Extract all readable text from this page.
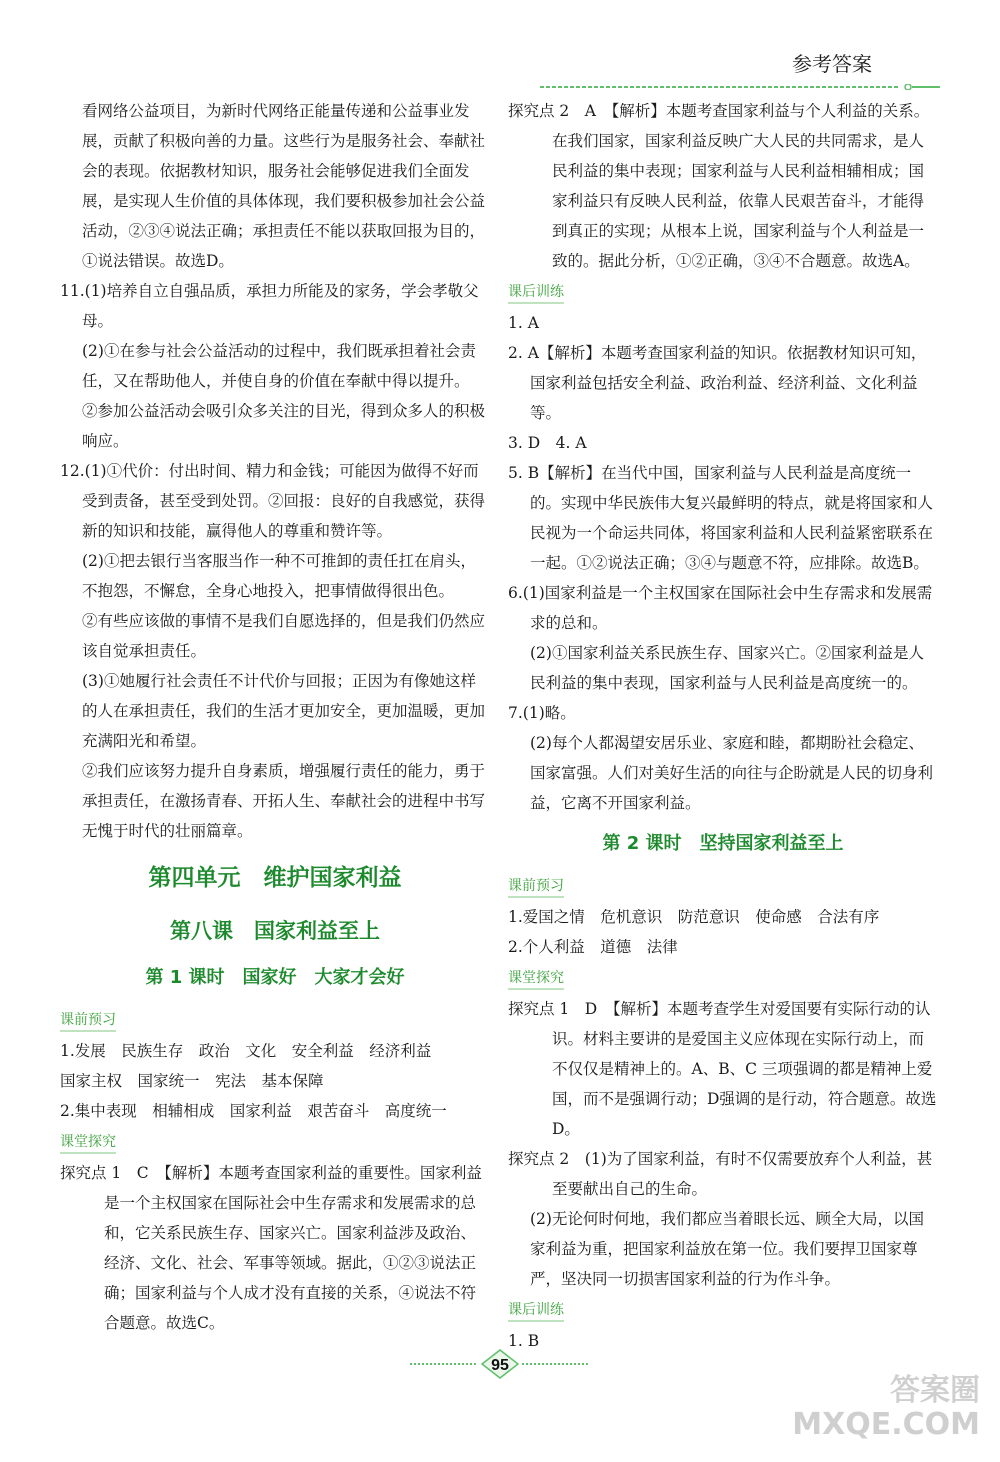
参考答案

看网络公益项目，为新时代网络正能量传递和公益事业发展，贡献了积极向善的力量。这些行为是服务社会、奉献社会的表现。依据教材知识，服务社会能够促进我们全面发展，是实现人生价值的具体体现，我们要积极参加社会公益活动，②③④说法正确；承担责任不能以获取回报为目的，①说法错误。故选D。

11.(1)培养自立自强品质，承担力所能及的家务，学会孝敬父母。

(2)①在参与社会公益活动的过程中，我们既承担着社会责任，又在帮助他人，并使自身的价值在奉献中得以提升。

②参加公益活动会吸引众多关注的目光，得到众多人的积极响应。

12.(1)①代价：付出时间、精力和金钱；可能因为做得不好而受到责备，甚至受到处罚。②回报：良好的自我感觉，获得新的知识和技能，赢得他人的尊重和赞许等。

(2)①把去银行当客服当作一种不可推卸的责任扛在肩头，不抱怨，不懈怠，全身心地投入，把事情做得很出色。

②有些应该做的事情不是我们自愿选择的，但是我们仍然应该自觉承担责任。

(3)①她履行社会责任不计代价与回报；正因为有像她这样的人在承担责任，我们的生活才更加安全，更加温暖，更加充满阳光和希望。

②我们应该努力提升自身素质，增强履行责任的能力，勇于承担责任，在激扬青春、开拓人生、奉献社会的进程中书写无愧于时代的壮丽篇章。

第四单元　维护国家利益
第八课　国家利益至上
第 1 课时　国家好　大家才会好
课前预习

1.发展　民族生存　政治　文化　安全利益　经济利益

国家主权　国家统一　宪法　基本保障

2.集中表现　相辅相成　国家利益　艰苦奋斗　高度统一

课堂探究

探究点 1　C　【解析】本题考查国家利益的重要性。国家利益是一个主权国家在国际社会中生存需求和发展需求的总和，它关系民族生存、国家兴亡。国家利益涉及政治、经济、文化、社会、军事等领域。据此，①②③说法正确；国家利益与个人成才没有直接的关系，④说法不符合题意。故选C。

探究点 2　A　【解析】本题考查国家利益与个人利益的关系。在我们国家，国家利益反映广大人民的共同需求，是人民利益的集中表现；国家利益与人民利益相辅相成；国家利益只有反映人民利益，依靠人民艰苦奋斗，才能得到真正的实现；从根本上说，国家利益与个人利益是一致的。据此分析，①②正确，③④不合题意。故选A。

课后训练

1. A

2. A【解析】本题考查国家利益的知识。依据教材知识可知，国家利益包括安全利益、政治利益、经济利益、文化利益等。

3. D　4. A

5. B【解析】在当代中国，国家利益与人民利益是高度统一的。实现中华民族伟大复兴最鲜明的特点，就是将国家和人民视为一个命运共同体，将国家利益和人民利益紧密联系在一起。①②说法正确；③④与题意不符，应排除。故选B。

6.(1)国家利益是一个主权国家在国际社会中生存需求和发展需求的总和。

(2)①国家利益关系民族生存、国家兴亡。②国家利益是人民利益的集中表现，国家利益与人民利益是高度统一的。

7.(1)略。

(2)每个人都渴望安居乐业、家庭和睦，都期盼社会稳定、国家富强。人们对美好生活的向往与企盼就是人民的切身利益，它离不开国家利益。

第 2 课时　坚持国家利益至上
课前预习

1.爱国之情　危机意识　防范意识　使命感　合法有序

2.个人利益　道德　法律

课堂探究

探究点 1　D　【解析】本题考查学生对爱国要有实际行动的认识。材料主要讲的是爱国主义应体现在实际行动上，而不仅仅是精神上的。A、B、C 三项强调的都是精神上爱国，而不是强调行动；D强调的是行动，符合题意。故选D。

探究点 2　(1)为了国家利益，有时不仅需要放弃个人利益，甚至要献出自己的生命。

(2)无论何时何地，我们都应当着眼长远、顾全大局，以国家利益为重，把国家利益放在第一位。我们要捍卫国家尊严，坚决同一切损害国家利益的行为作斗争。

课后训练

1. B

95
答案圈
MXQE.COM
